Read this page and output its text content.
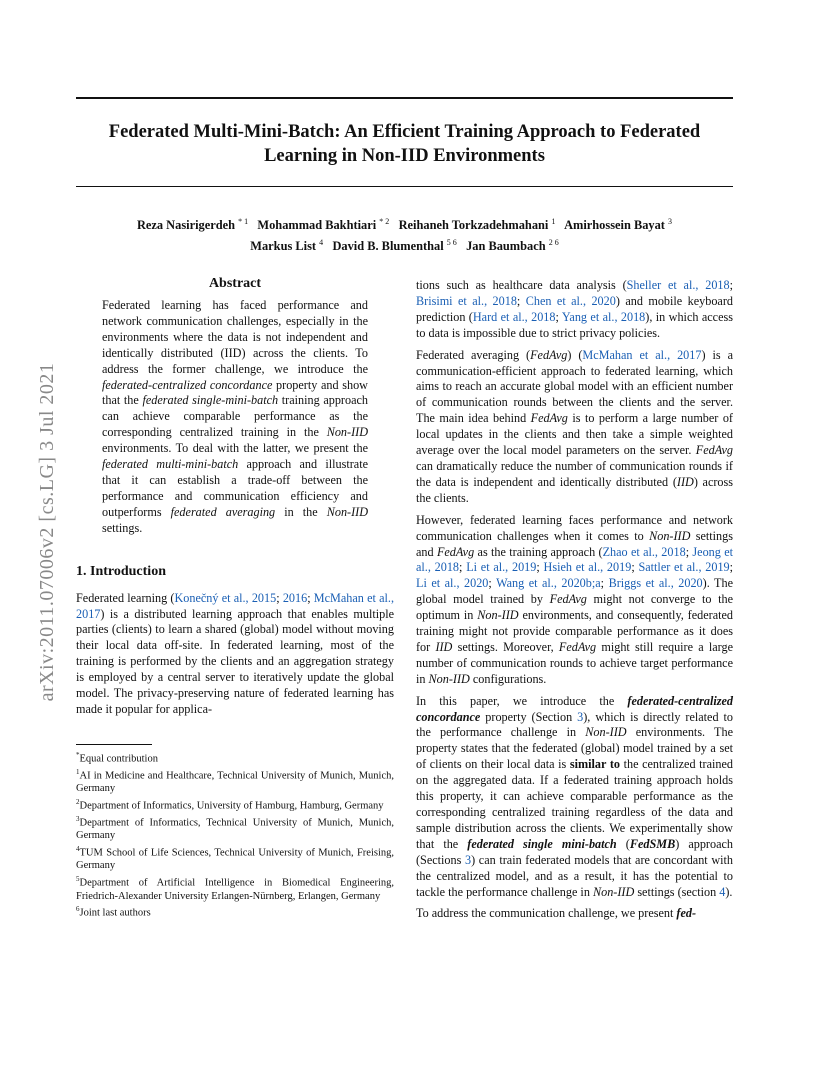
arXiv:2011.07006v2 [cs.LG] 3 Jul 2021
Federated Multi-Mini-Batch: An Efficient Training Approach to Federated
Learning in Non-IID Environments
Reza Nasirigerdeh $^{* 1}$ Mohammad Bakhtiari $^{* 2}$ Reihaneh Torkzadehmahani $^1$ Amirhossein Bayat $^3$
Markus List $^4$ David B. Blumenthal $^{5 6}$ Jan Baumbach $^{2 6}$
Abstract
Federated learning has faced performance and network communication challenges, especially in the environments where the data is not independent and identically distributed (IID) across the clients. To address the former challenge, we introduce the federated-centralized concordance property and show that the federated single-mini-batch training approach can achieve comparable performance as the corresponding centralized training in the Non-IID environments. To deal with the latter, we present the federated multi-mini-batch approach and illustrate that it can establish a trade-off between the performance and communication efficiency and outperforms federated averaging in the Non-IID settings.
1. Introduction
Federated learning (Konečný et al., 2015; 2016; McMahan et al., 2017) is a distributed learning approach that enables multiple parties (clients) to learn a shared (global) model without moving their local data off-site. In federated learning, most of the training is performed by the clients and an aggregation strategy is employed by a central server to iteratively update the global model. The privacy-preserving nature of federated learning has made it popular for applica-

*Equal contribution

$^1$AI in Medicine and Healthcare, Technical University of Munich, Munich, Germany

$^2$Department of Informatics, University of Hamburg, Hamburg, Germany

$^3$Department of Informatics, Technical University of Munich, Munich, Germany

$^4$TUM School of Life Sciences, Technical University of Munich, Freising, Germany

$^5$Department of Artificial Intelligence in Biomedical Engineering, Friedrich-Alexander University Erlangen-Nürnberg, Erlangen, Germany

$^6$Joint last authors

tions such as healthcare data analysis (Sheller et al., 2018; Brisimi et al., 2018; Chen et al., 2020) and mobile keyboard prediction (Hard et al., 2018; Yang et al., 2018), in which access to data is impossible due to strict privacy policies.
Federated averaging (FedAvg) (McMahan et al., 2017) is a communication-efficient approach to federated learning, which aims to reach an accurate global model with an efficient number of communication rounds between the clients and the server. The main idea behind FedAvg is to perform a large number of local updates in the clients and then take a simple weighted average over the local model parameters on the server. FedAvg can dramatically reduce the number of communication rounds if the data is independent and identically distributed (IID) across the clients.
However, federated learning faces performance and network communication challenges when it comes to Non-IID settings and FedAvg as the training approach (Zhao et al., 2018; Jeong et al., 2018; Li et al., 2019; Hsieh et al., 2019; Sattler et al., 2019; Li et al., 2020; Wang et al., 2020b;a; Briggs et al., 2020). The global model trained by FedAvg might not converge to the optimum in Non-IID environments, and consequently, federated training might not provide comparable performance as it does for IID settings. Moreover, FedAvg might still require a large number of communication rounds to achieve target performance in Non-IID configurations.
In this paper, we introduce the federated-centralized concordance property (Section 3), which is directly related to the performance challenge in Non-IID environments. The property states that the federated (global) model trained by a set of clients on their local data is similar to the centralized trained on the aggregated data. If a federated training approach holds this property, it can achieve comparable performance as the corresponding centralized training regardless of the data and sample distribution across the clients. We experimentally show that the federated single mini-batch (FedSMB) approach (Sections 3) can train federated models that are concordant with the centralized model, and as a result, it has the potential to tackle the performance challenge in Non-IID settings (section 4).
To address the communication challenge, we present fed-
